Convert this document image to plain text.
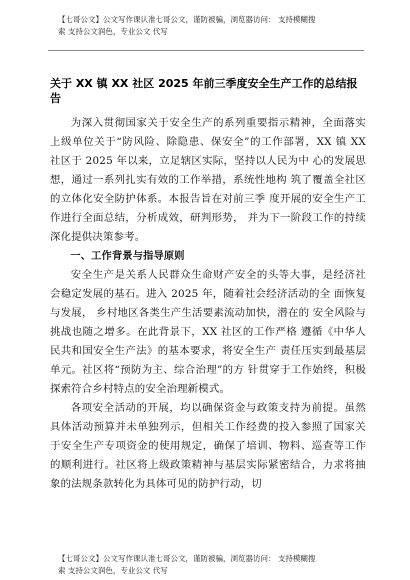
【七哥公文】公文写作课认准七哥公文，谨防被骗，浏览器访问： 支持模糊搜
索 支持公文润色，专业公文 代写
关于 XX 镇 XX 社区 2025 年前三季度安全生产工作的总结报告

为深入贯彻国家关于安全生产的系列重要指示精神，全面落实上级单位关于“防风险、除隐患、保安全”的工作部署，XX 镇 XX 社区于 2025 年以来，立足辖区实际，坚持以人民为中 心的发展思想，通过一系列扎实有效的工作举措，系统性地构 筑了覆盖全社区的立体化安全防护体系。本报告旨在对前三季 度开展的安全生产工作进行全面总结，分析成效，研判形势， 并为下一阶段工作的持续深化提供决策参考。

一、工作背景与指导原则

安全生产是关系人民群众生命财产安全的头等大事，是经济社会稳定发展的基石。进入 2025 年，随着社会经济活动的全 面恢复与发展， 乡村地区各类生产生活要素流动加快，潜在的 安全风险与挑战也随之增多。在此背景下，XX 社区的工作严格 遵循《中华人民共和国安全生产法》的基本要求，将安全生产 责任压实到最基层单元。社区将“预防为主、综合治理”的方 针贯穿于工作始终，积极探索符合乡村特点的安全治理新模式。

各项安全活动的开展，均以确保资金与政策支持为前提。虽然具体活动预算并未单独列示，但相关工作经费的投入参照了国家关于安全生产专项资金的使用规定，确保了培训、物料、巡查等工作的顺利进行。社区将上级政策精神与基层实际紧密结合，力求将抽象的法规条款转化为具体可见的防护行动，切

【七哥公文】公文写作课认准七哥公文，谨防被骗，浏览器访问： 支持模糊搜
索 支持公文润色，专业公文 代写
